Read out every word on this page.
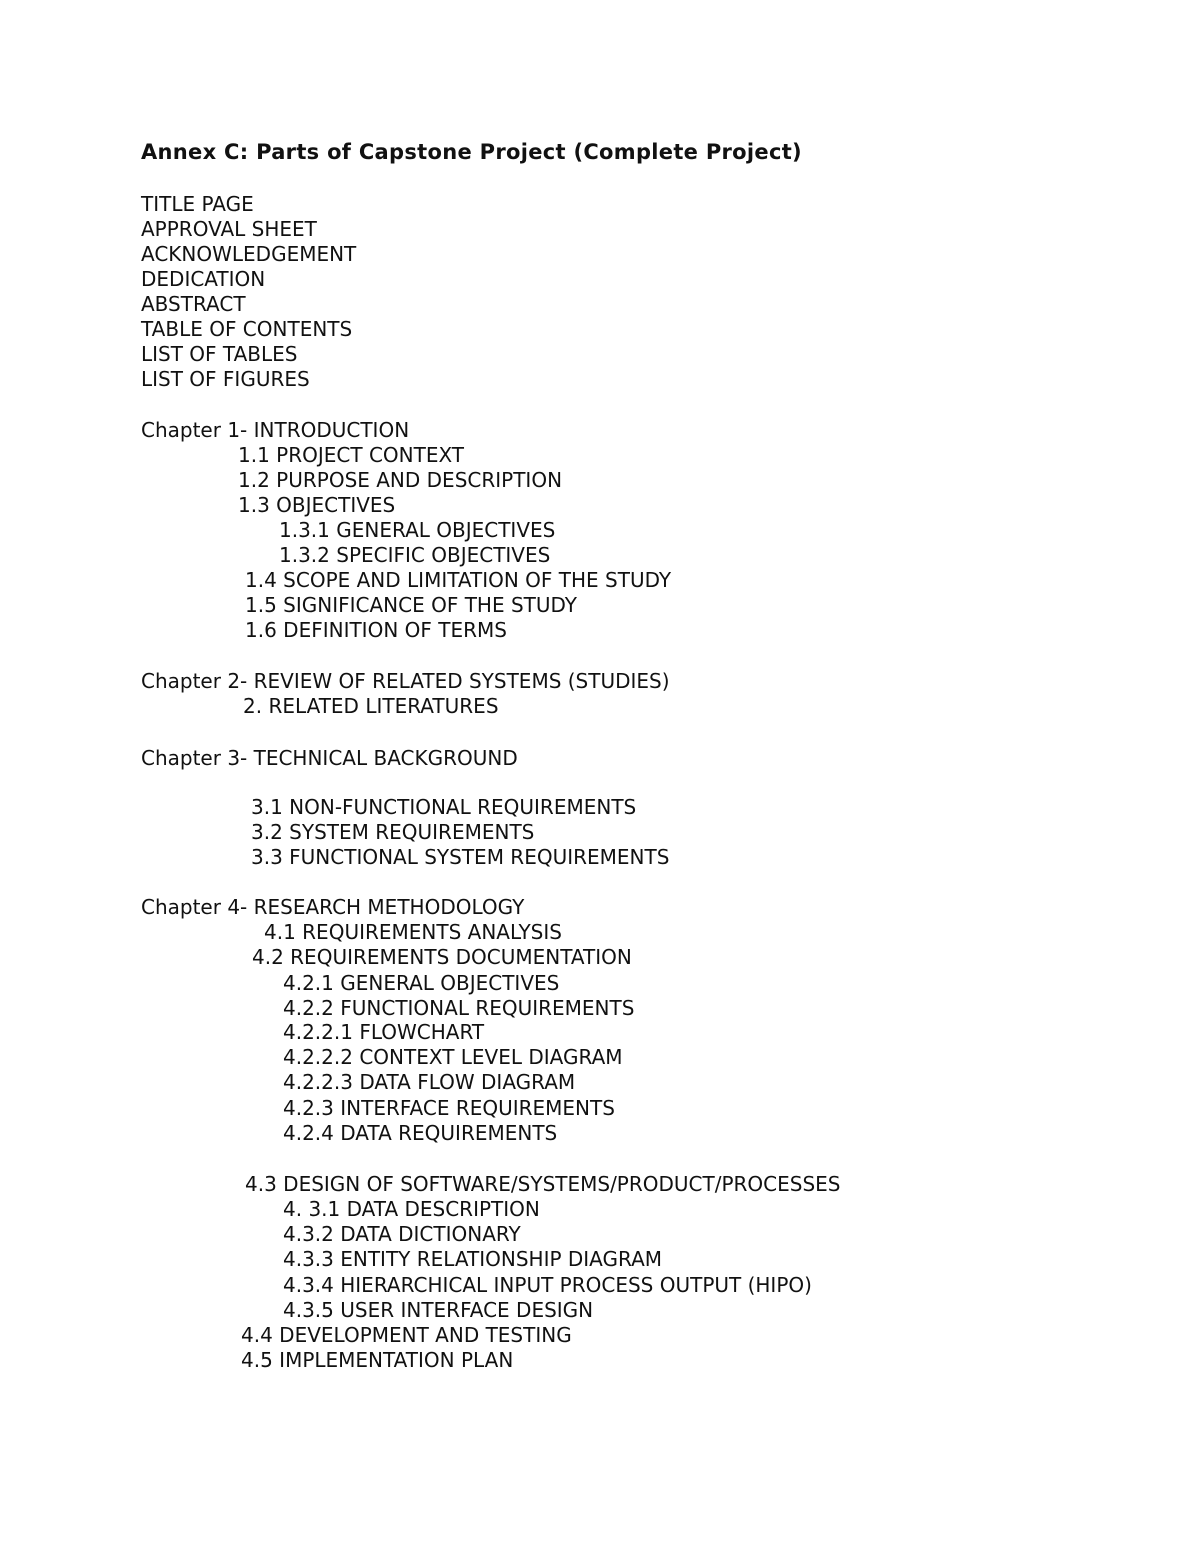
Annex C: Parts of Capstone Project (Complete Project)
TITLE PAGE
APPROVAL SHEET
ACKNOWLEDGEMENT
DEDICATION
ABSTRACT
TABLE OF CONTENTS
LIST OF TABLES
LIST OF FIGURES
Chapter 1- INTRODUCTION
1.1 PROJECT CONTEXT
1.2 PURPOSE AND DESCRIPTION
1.3 OBJECTIVES
1.3.1 GENERAL OBJECTIVES
1.3.2 SPECIFIC OBJECTIVES
1.4 SCOPE AND LIMITATION OF THE STUDY
1.5 SIGNIFICANCE OF THE STUDY
1.6 DEFINITION OF TERMS
Chapter 2- REVIEW OF RELATED SYSTEMS (STUDIES)
2. RELATED LITERATURES
Chapter 3- TECHNICAL BACKGROUND
3.1 NON-FUNCTIONAL REQUIREMENTS
3.2 SYSTEM REQUIREMENTS
3.3 FUNCTIONAL SYSTEM REQUIREMENTS
Chapter 4- RESEARCH METHODOLOGY
4.1 REQUIREMENTS ANALYSIS
4.2 REQUIREMENTS DOCUMENTATION
4.2.1 GENERAL OBJECTIVES
4.2.2 FUNCTIONAL REQUIREMENTS
4.2.2.1 FLOWCHART
4.2.2.2 CONTEXT LEVEL DIAGRAM
4.2.2.3 DATA FLOW DIAGRAM
4.2.3 INTERFACE REQUIREMENTS
4.2.4 DATA REQUIREMENTS
4.3 DESIGN OF SOFTWARE/SYSTEMS/PRODUCT/PROCESSES
4. 3.1 DATA DESCRIPTION
4.3.2 DATA DICTIONARY
4.3.3 ENTITY RELATIONSHIP DIAGRAM
4.3.4 HIERARCHICAL INPUT PROCESS OUTPUT (HIPO)
4.3.5 USER INTERFACE DESIGN
4.4 DEVELOPMENT AND TESTING
4.5 IMPLEMENTATION PLAN
